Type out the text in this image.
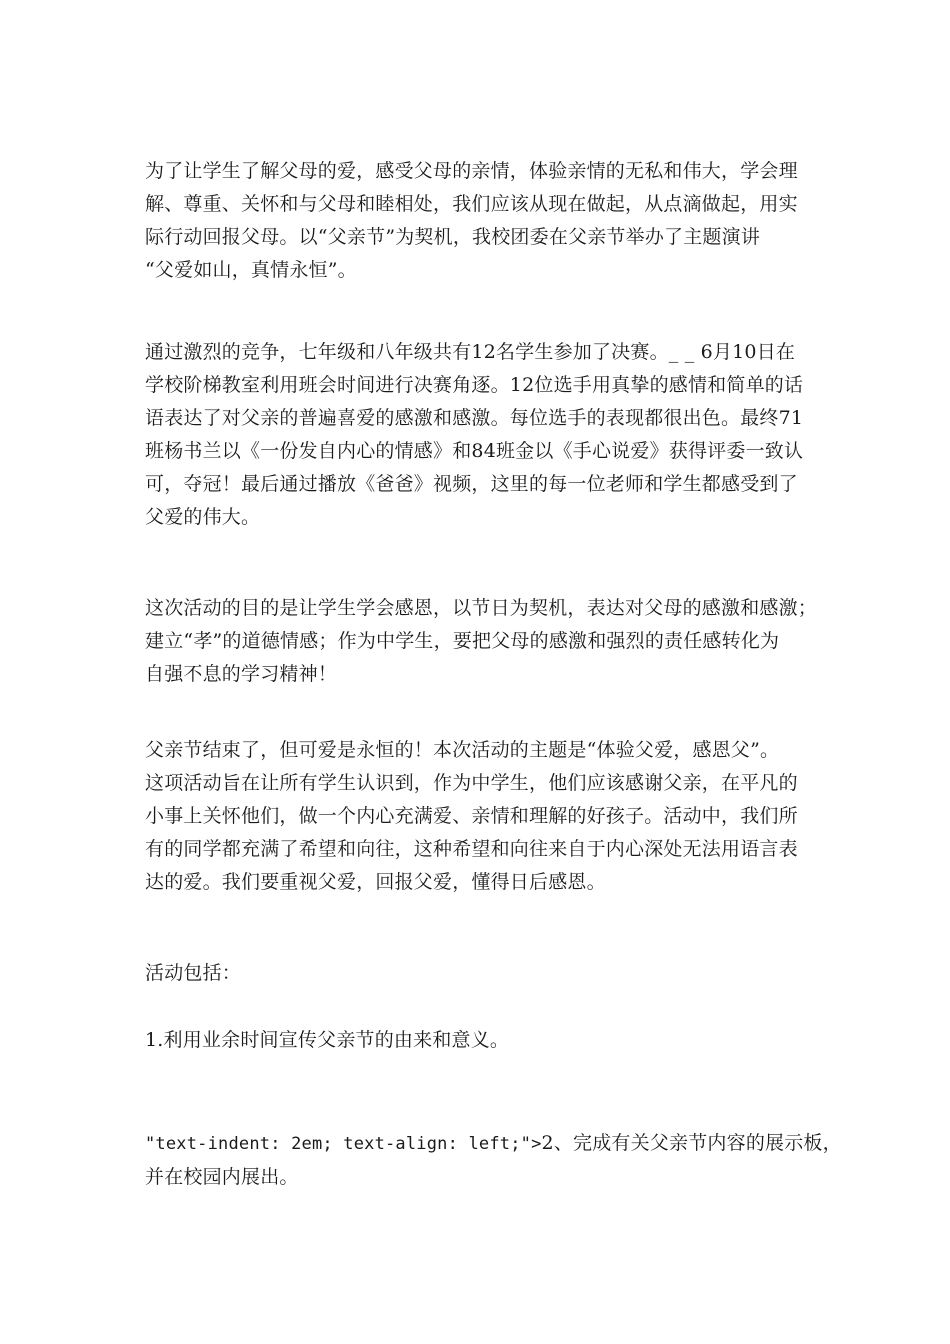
为了让学生了解父母的爱，感受父母的亲情，体验亲情的无私和伟大，学会理
解、尊重、关怀和与父母和睦相处，我们应该从现在做起，从点滴做起，用实
际行动回报父母。以“父亲节”为契机，我校团委在父亲节举办了主题演讲
“父爱如山，真情永恒”。

通过激烈的竞争，七年级和八年级共有12名学生参加了决赛。_ _ 6月10日在
学校阶梯教室利用班会时间进行决赛角逐。12位选手用真挚的感情和简单的话
语表达了对父亲的普遍喜爱的感激和感激。每位选手的表现都很出色。最终71
班杨书兰以《一份发自内心的情感》和84班金以《手心说爱》获得评委一致认
可，夺冠！最后通过播放《爸爸》视频，这里的每一位老师和学生都感受到了
父爱的伟大。

这次活动的目的是让学生学会感恩，以节日为契机，表达对父母的感激和感激；
建立“孝”的道德情感；作为中学生，要把父母的感激和强烈的责任感转化为
自强不息的学习精神！

父亲节结束了，但可爱是永恒的！本次活动的主题是“体验父爱，感恩父”。
这项活动旨在让所有学生认识到，作为中学生，他们应该感谢父亲，在平凡的
小事上关怀他们，做一个内心充满爱、亲情和理解的好孩子。活动中，我们所
有的同学都充满了希望和向往，这种希望和向往来自于内心深处无法用语言表
达的爱。我们要重视父爱，回报父爱，懂得日后感恩。

活动包括：

1.利用业余时间宣传父亲节的由来和意义。

"text-indent: 2em; text-align: left;">2、完成有关父亲节内容的展示板，
并在校园内展出。
